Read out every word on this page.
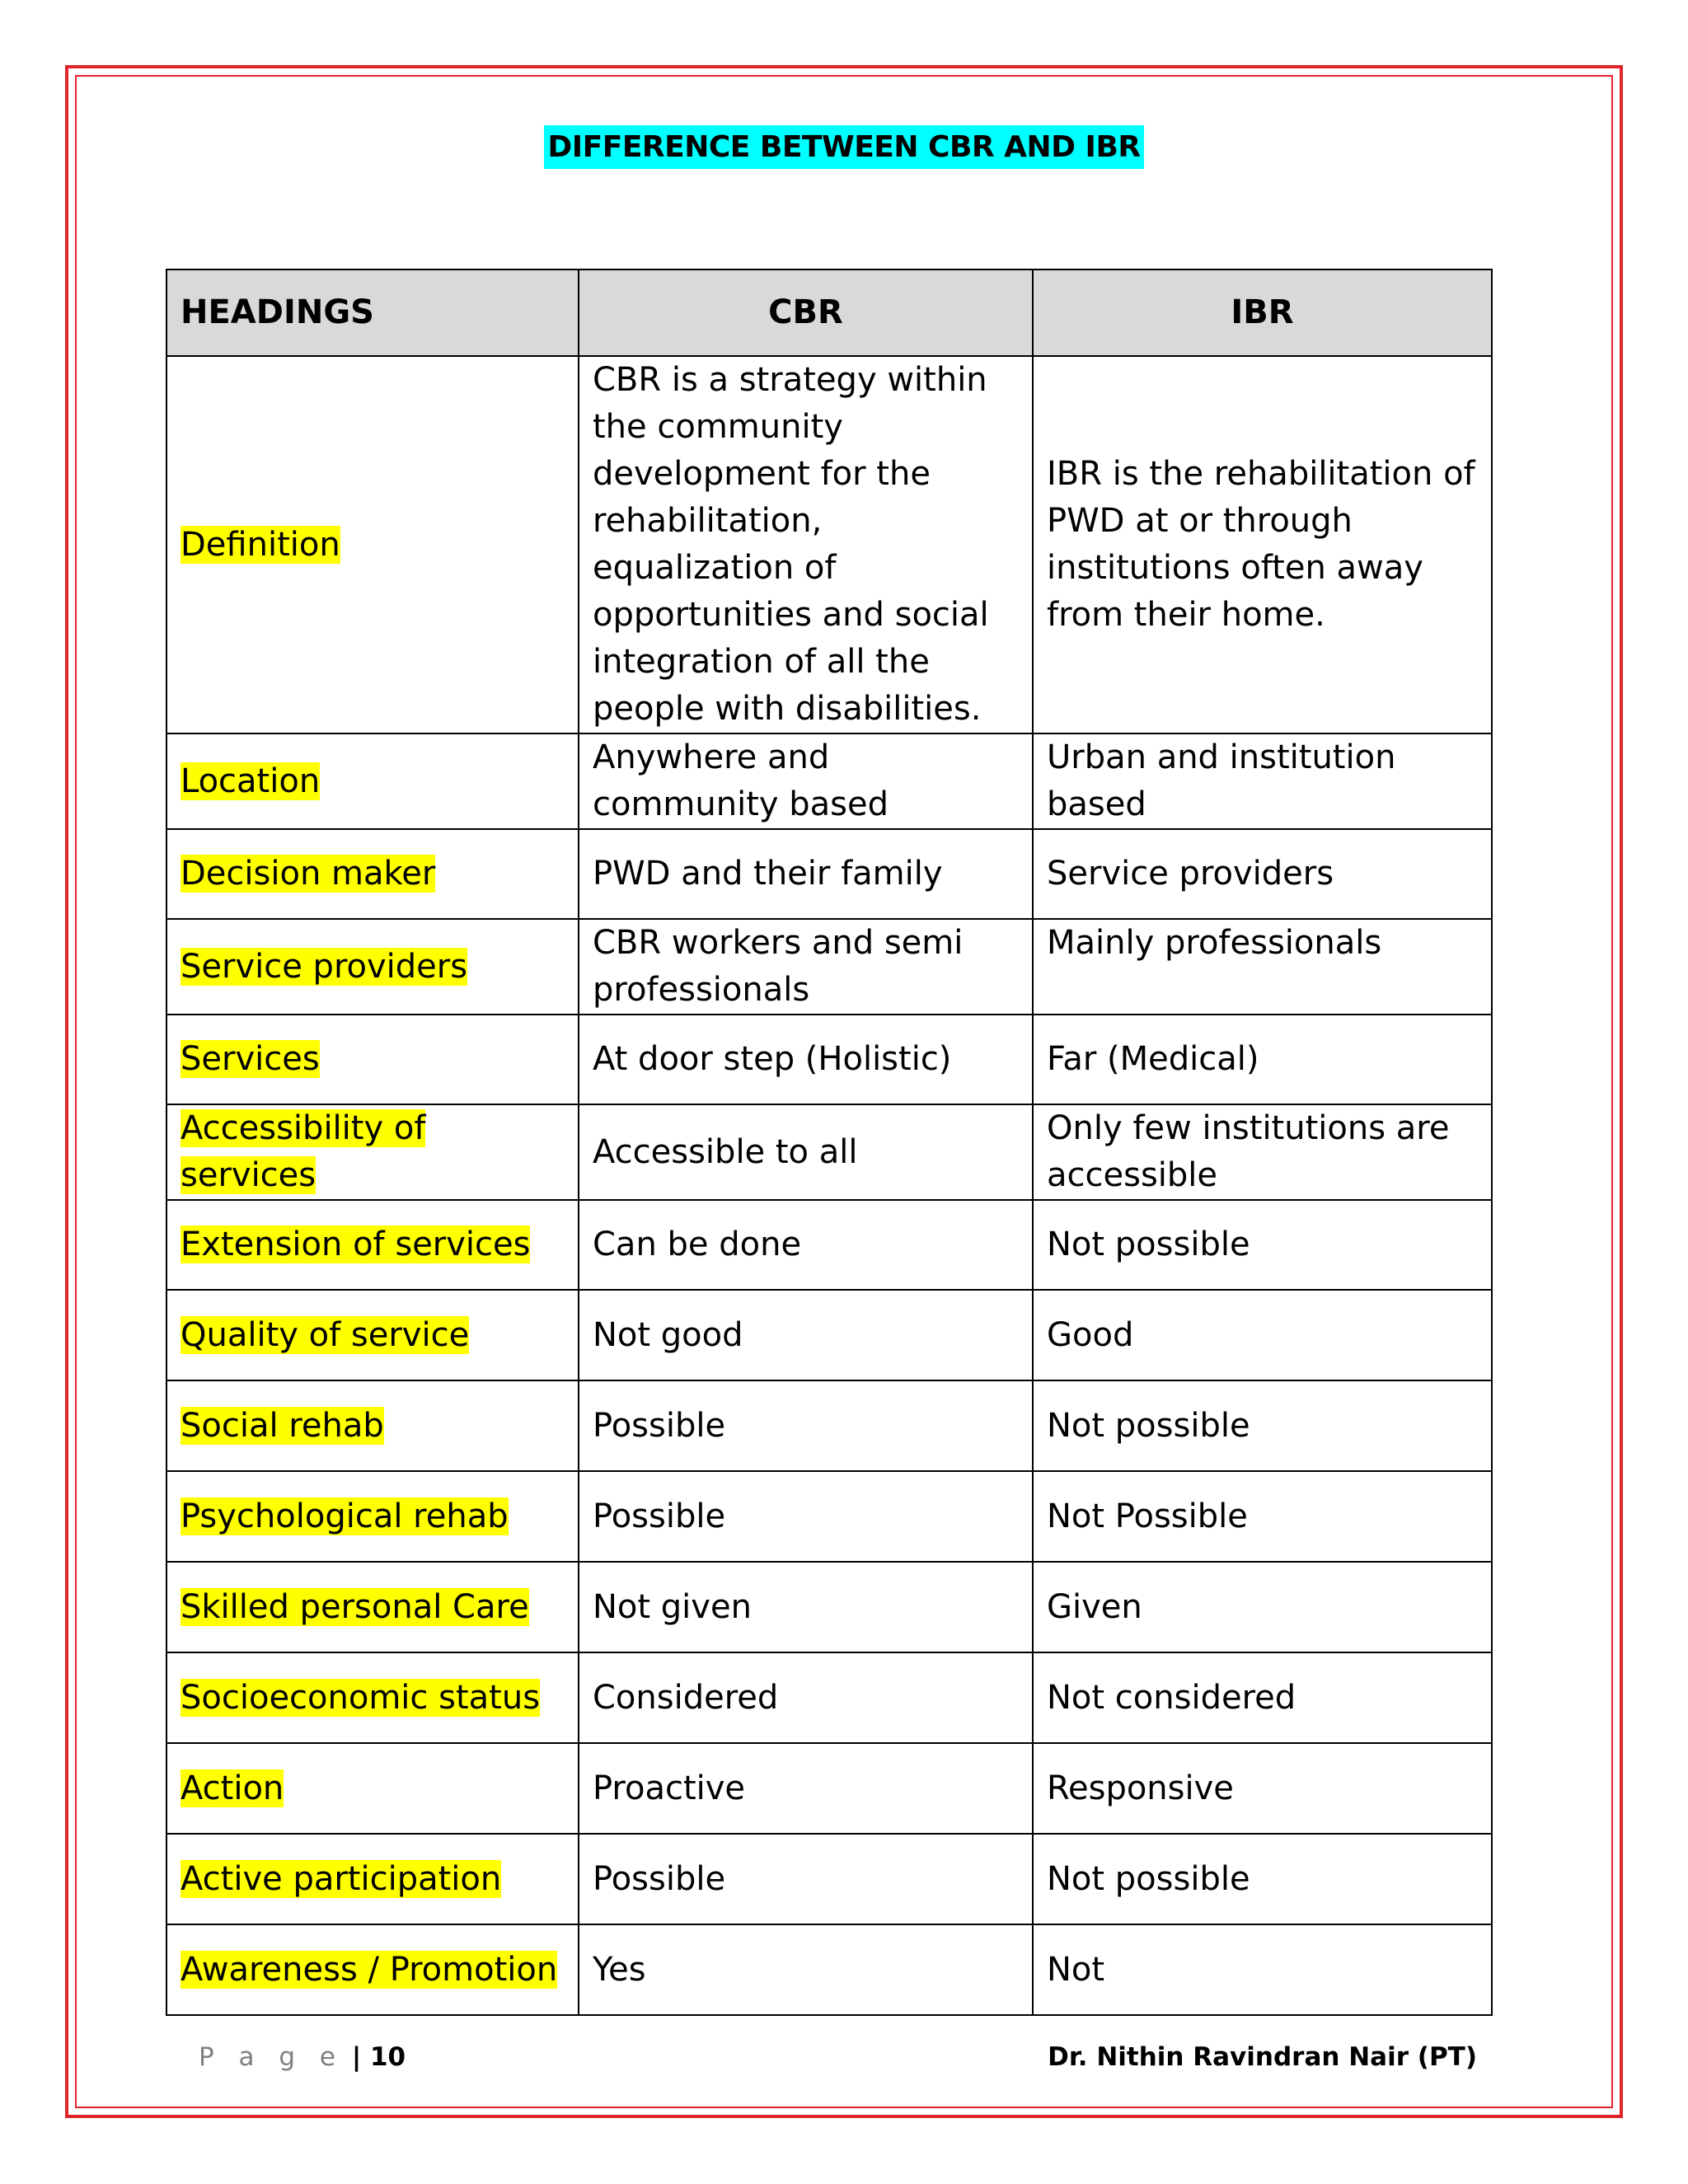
DIFFERENCE BETWEEN CBR AND IBR
HEADINGS	CBR	IBR
Definition	CBR is a strategy within the community development for the rehabilitation, equalization of opportunities and social integration of all the people with disabilities.	IBR is the rehabilitation of PWD at or through institutions often away from their home.
Location	Anywhere and community based	Urban and institution based
Decision maker	PWD and their family	Service providers
Service providers	CBR workers and semi professionals	Mainly professionals
Services	At door step (Holistic)	Far (Medical)
Accessibility of services	Accessible to all	Only few institutions are accessible
Extension of services	Can be done	Not possible
Quality of service	Not good	Good
Social rehab	Possible	Not possible
Psychological rehab	Possible	Not Possible
Skilled personal Care	Not given	Given
Socioeconomic status	Considered	Not considered
Action	Proactive	Responsive
Active participation	Possible	Not possible
Awareness / Promotion	Yes	Not
P a g e | 10	Dr. Nithin Ravindran Nair (PT)
